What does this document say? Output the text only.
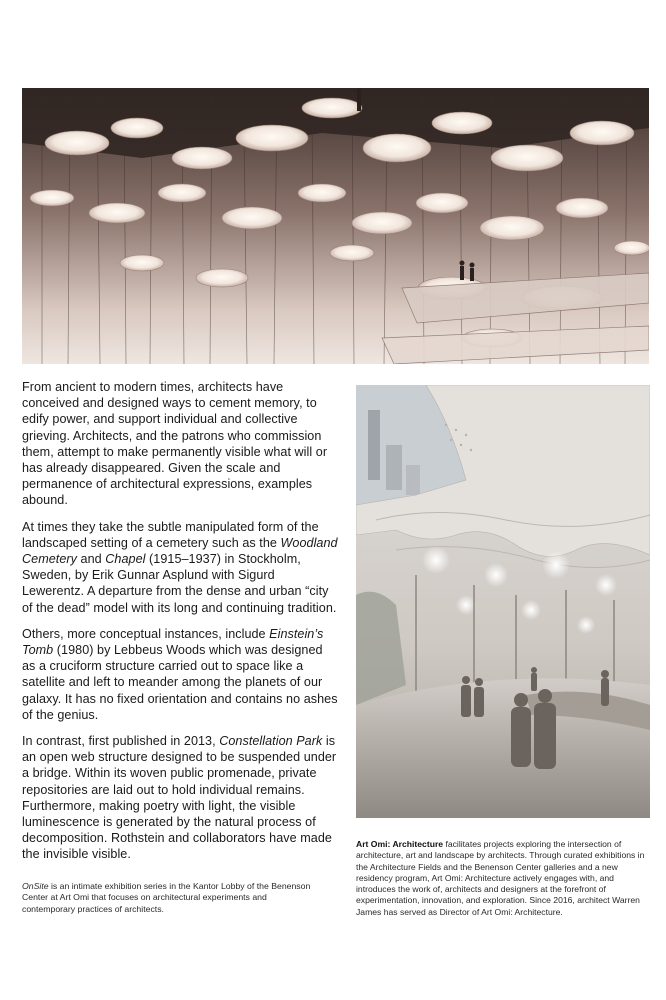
From ancient to modern times, architects have conceived and designed ways to cement memory, to edify power, and support individual and collective grieving. Architects, and the patrons who commission them, attempt to make permanently visible what will or has already disappeared. Given the scale and permanence of architectural expressions, examples abound.

At times they take the subtle manipulated form of the landscaped setting of a cemetery such as the Woodland Cemetery and Chapel (1915–1937) in Stockholm, Sweden, by Erik Gunnar Asplund with Sigurd Lewerentz. A departure from the dense and urban “city of the dead” model with its long and continuing tradition.

Others, more conceptual instances, include Einstein’s Tomb (1980) by Lebbeus Woods which was designed as a cruciform structure carried out to space like a satellite and left to meander among the planets of our galaxy. It has no fixed orientation and contains no ashes of the genius.

In contrast, first published in 2013, Constellation Park is an open web structure designed to be suspended under a bridge. Within its woven public promenade, private repositories are laid out to hold individual remains. Furthermore, making poetry with light, the visible luminescence is generated by the natural process of decomposition. Rothstein and collaborators have made the invisible visible.

OnSite is an intimate exhibition series in the Kantor Lobby of the Benenson Center at Art Omi that focuses on architectural experiments and contemporary practices of architects.
Art Omi: Architecture facilitates projects exploring the intersection of architecture, art and landscape by architects. Through curated exhibitions in the Architecture Fields and the Benenson Center galleries and a new residency program, Art Omi: Architecture actively engages with, and introduces the work of, architects and designers at the forefront of experimentation, innovation, and exploration. Since 2016, architect Warren James has served as Director of Art Omi: Architecture.
